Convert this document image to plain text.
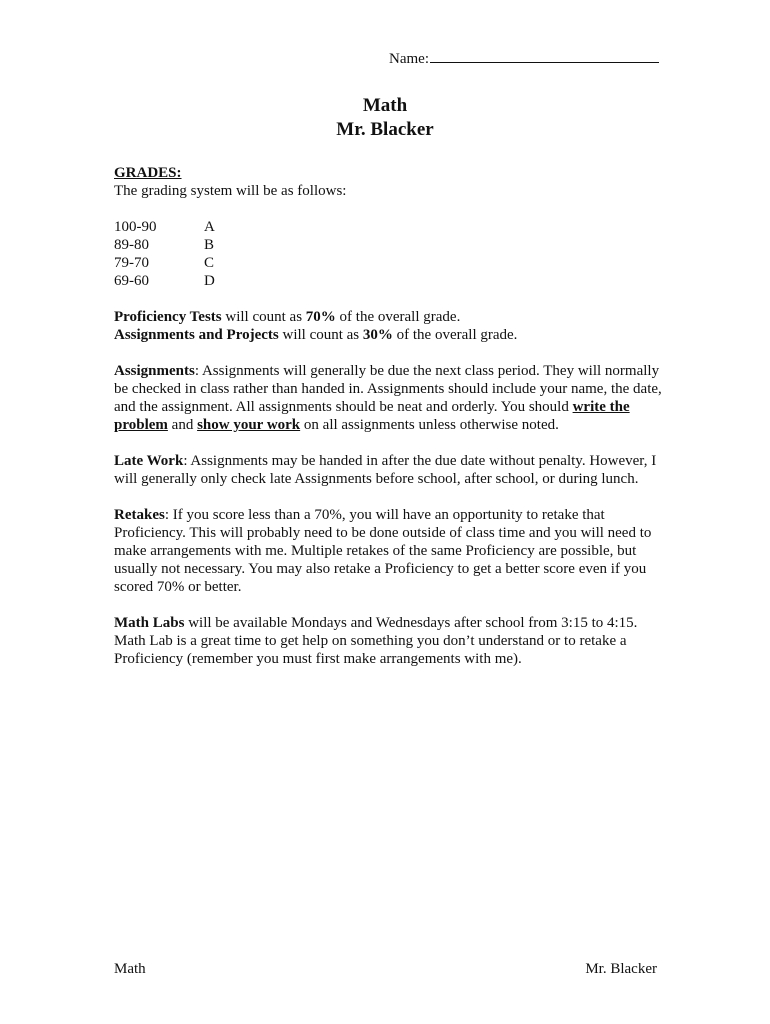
Name:
Math
Mr. Blacker

GRADES:

The grading system will be as follows:

100-90	A
89-80	B
79-70	C
69-60	D

Proficiency Tests will count as 70% of the overall grade.

Assignments and Projects will count as 30% of the overall grade.

Assignments: Assignments will generally be due the next class period. They will normally be checked in class rather than handed in. Assignments should include your name, the date, and the assignment. All assignments should be neat and orderly. You should write the problem and show your work on all assignments unless otherwise noted.

Late Work: Assignments may be handed in after the due date without penalty. However, I will generally only check late Assignments before school, after school, or during lunch.

Retakes: If you score less than a 70%, you will have an opportunity to retake that Proficiency. This will probably need to be done outside of class time and you will need to make arrangements with me. Multiple retakes of the same Proficiency are possible, but usually not necessary. You may also retake a Proficiency to get a better score even if you scored 70% or better.

Math Labs will be available Mondays and Wednesdays after school from 3:15 to 4:15. Math Lab is a great time to get help on something you don’t understand or to retake a Proficiency (remember you must first make arrangements with me).

Math	Mr. Blacker
